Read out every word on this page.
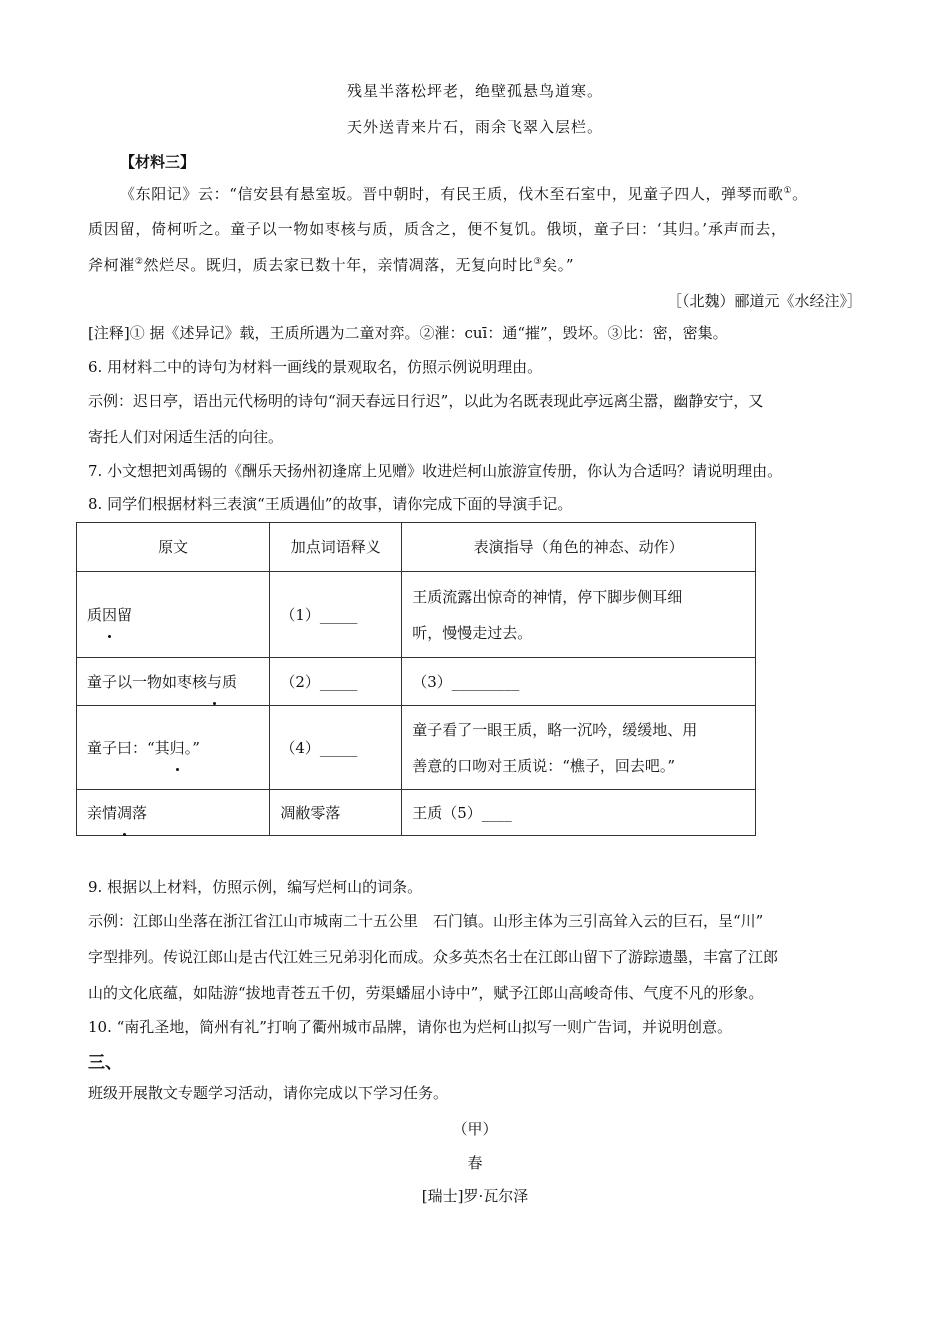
残星半落松坪老，绝壁孤悬鸟道寒。
天外送青来片石，雨余飞翠入层栏。
【材料三】
《东阳记》云：“信安县有悬室坂。晋中朝时，有民王质，伐木至石室中，见童子四人，弹琴而歌①。
质因留，倚柯听之。童子以一物如枣核与质，质含之，便不复饥。俄顷，童子曰：‘其归。’承声而去，
斧柯漼②然烂尽。既归，质去家已数十年，亲情凋落，无复向时比③矣。”
［（北魏）郦道元《水经注》］
[注释]① 据《述异记》载，王质所遇为二童对弈。②漼：cuī：通“摧”，毁坏。③比：密，密集。
6. 用材料二中的诗句为材料一画线的景观取名，仿照示例说明理由。
示例：迟日亭，语出元代杨明的诗句“洞天春远日行迟”，以此为名既表现此亭远离尘嚣，幽静安宁，又
寄托人们对闲适生活的向往。
7. 小文想把刘禹锡的《酬乐天扬州初逢席上见赠》收进烂柯山旅游宣传册，你认为合适吗？请说明理由。
8. 同学们根据材料三表演“王质遇仙”的故事，请你完成下面的导演手记。
原文	加点词语释义	表演指导（角色的神态、动作）
质因留	（1）_____	王质流露出惊奇的神情，停下脚步侧耳细
听，慢慢走过去。

童子以一物如枣核与质	（2）_____	（3）_________

童子曰：“其归。”	（4）_____	童子看了一眼王质，略一沉吟，缓缓地、用
善意的口吻对王质说：“樵子，回去吧。”

亲情凋落	凋敝零落	王质（5）____
9. 根据以上材料，仿照示例，编写烂柯山的词条。
示例：江郎山坐落在浙江省江山市城南二十五公里　石门镇。山形主体为三引高耸入云的巨石，呈“川”
字型排列。传说江郎山是古代江姓三兄弟羽化而成。众多英杰名士在江郎山留下了游踪遗墨，丰富了江郎
山的文化底蕴，如陆游“拔地青苍五千仞，劳渠蟠屈小诗中”，赋予江郎山高峻奇伟、气度不凡的形象。
10. “南孔圣地，简州有礼”打响了衢州城市品牌，请你也为烂柯山拟写一则广告词，并说明创意。
三、
班级开展散文专题学习活动，请你完成以下学习任务。
（甲）
春
[瑞士]罗·瓦尔泽
